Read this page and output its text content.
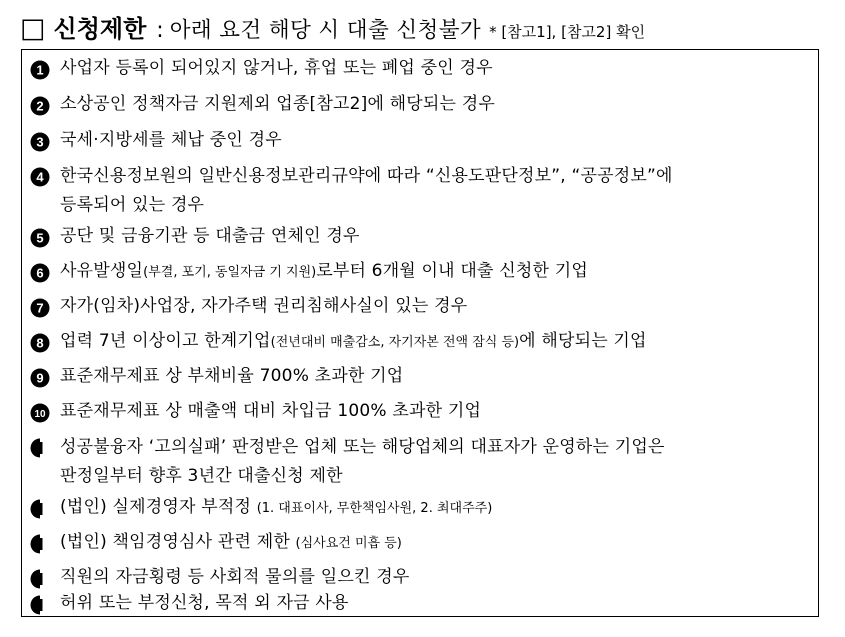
□ 신청제한 : 아래 요건 해당 시 대출 신청불가 * [참고1], [참고2] 확인
1 사업자 등록이 되어있지 않거나, 휴업 또는 폐업 중인 경우
2 소상공인 정책자금 지원제외 업종[참고2]에 해당되는 경우
3 국세·지방세를 체납 중인 경우
4 한국신용정보원의 일반신용정보관리규약에 따라 “신용도판단정보”, “공공정보”에
등록되어 있는 경우
5 공단 및 금융기관 등 대출금 연체인 경우
6 사유발생일(부결, 포기, 동일자금 기 지원)로부터 6개월 이내 대출 신청한 기업
7 자가(임차)사업장, 자가주택 권리침해사실이 있는 경우
8 업력 7년 이상이고 한계기업(전년대비 매출감소, 자기자본 전액 잠식 등)에 해당되는 기업
9 표준재무제표 상 부채비율 700% 초과한 기업
10 표준재무제표 상 매출액 대비 차입금 100% 초과한 기업
성공불융자 ‘고의실패’ 판정받은 업체 또는 해당업체의 대표자가 운영하는 기업은
판정일부터 향후 3년간 대출신청 제한
(법인) 실제경영자 부적정 (1. 대표이사, 무한책임사원, 2. 최대주주)
(법인) 책임경영심사 관련 제한 (심사요건 미흡 등)
직원의 자금횡령 등 사회적 물의를 일으킨 경우
허위 또는 부정신청, 목적 외 자금 사용
